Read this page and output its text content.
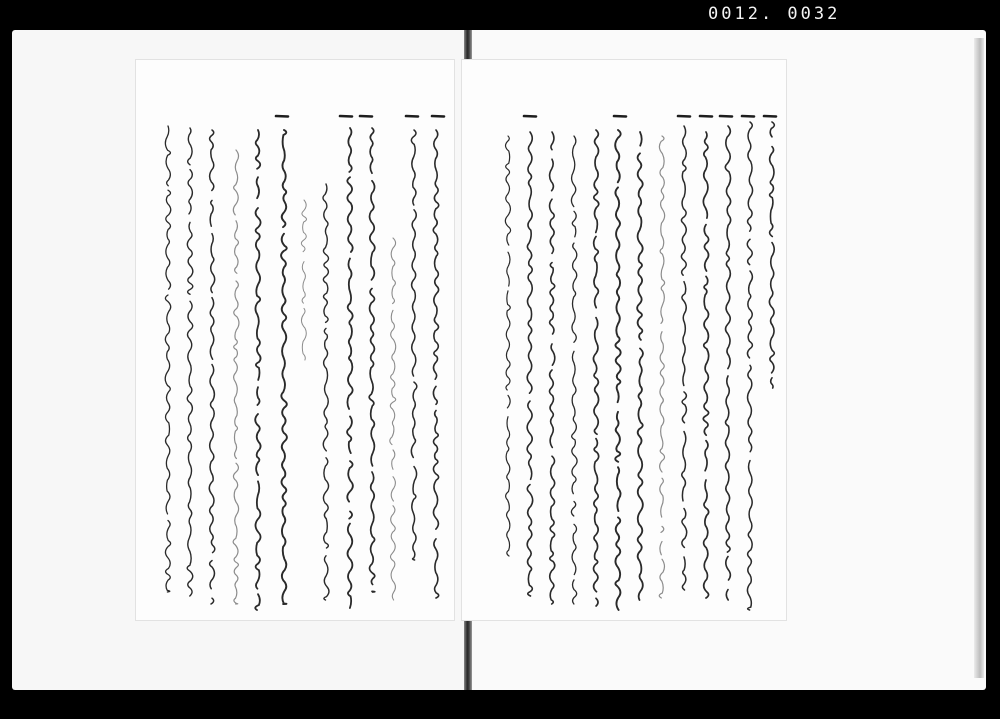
0012. 0032
